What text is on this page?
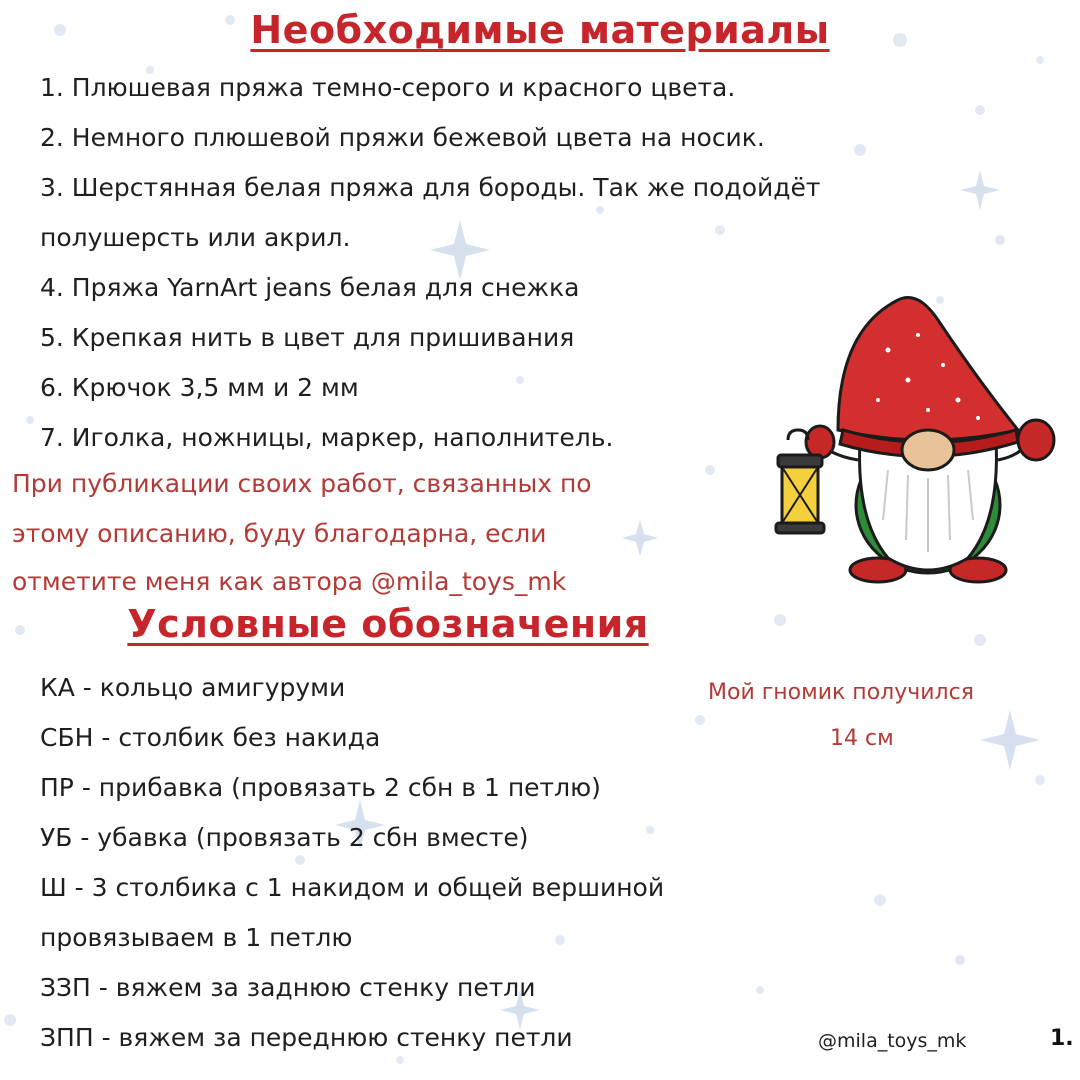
Необходимые материалы
1. Плюшевая пряжа темно-серого и красного цвета.
2. Немного плюшевой пряжи бежевой цвета на носик.
3. Шерстянная белая пряжа для бороды. Так же подойдёт
полушерсть или акрил.
4. Пряжа YarnArt jeans белая для снежка
5. Крепкая нить в цвет для пришивания
6. Крючок 3,5 мм и 2 мм
7. Иголка, ножницы, маркер, наполнитель.
При публикации своих работ, связанных по
этому описанию, буду благодарна, если
отметите меня как автора @mila_toys_mk
Условные обозначения
КА - кольцо амигуруми
СБН - столбик без накида
ПР - прибавка (провязать 2 сбн в 1 петлю)
УБ - убавка (провязать 2 сбн вместе)
Ш - 3 столбика с 1 накидом и общей вершиной
провязываем в 1 петлю
ЗЗП - вяжем за заднюю стенку петли
ЗПП - вяжем за переднюю стенку петли
Мой гномик получился
14 см
@mila_toys_mk	1.
